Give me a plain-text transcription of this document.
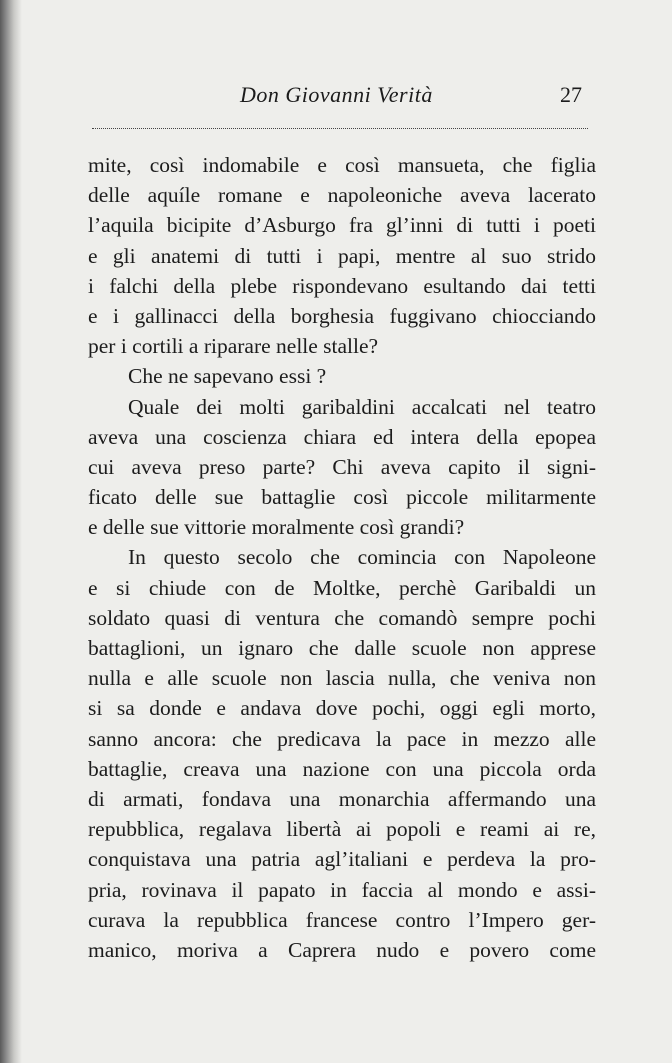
Don Giovanni Verità	27
mite, così indomabile e così mansueta, che figlia
delle aquíle romane e napoleoniche aveva lacerato
l’aquila bicipite d’Asburgo fra gl’inni di tutti i poeti
e gli anatemi di tutti i papi, mentre al suo strido
i falchi della plebe rispondevano esultando dai tetti
e i gallinacci della borghesia fuggivano chiocciando
per i cortili a riparare nelle stalle?
Che ne sapevano essi ?
Quale dei molti garibaldini accalcati nel teatro
aveva una coscienza chiara ed intera della epopea
cui aveva preso parte? Chi aveva capito il signi-
ficato delle sue battaglie così piccole militarmente
e delle sue vittorie moralmente così grandi?
In questo secolo che comincia con Napoleone
e si chiude con de Moltke, perchè Garibaldi un
soldato quasi di ventura che comandò sempre pochi
battaglioni, un ignaro che dalle scuole non apprese
nulla e alle scuole non lascia nulla, che veniva non
si sa donde e andava dove pochi, oggi egli morto,
sanno ancora: che predicava la pace in mezzo alle
battaglie, creava una nazione con una piccola orda
di armati, fondava una monarchia affermando una
repubblica, regalava libertà ai popoli e reami ai re,
conquistava una patria agl’italiani e perdeva la pro-
pria, rovinava il papato in faccia al mondo e assi-
curava la repubblica francese contro l’Impero ger-
manico, moriva a Caprera nudo e povero come
